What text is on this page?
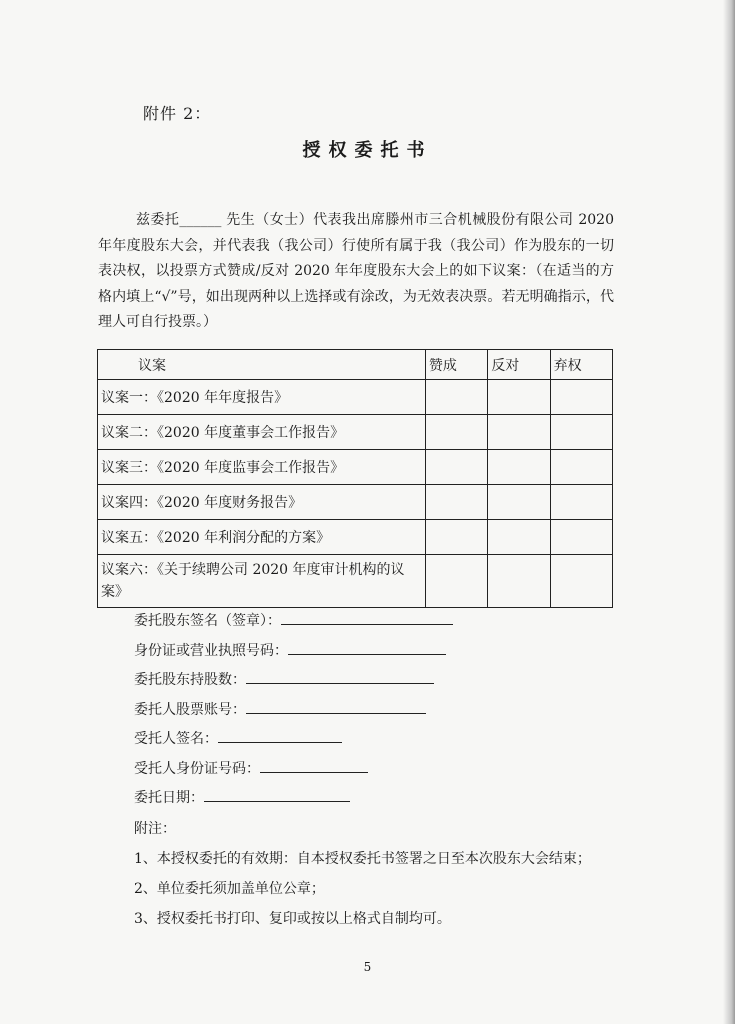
附件 2：
授权委托书
兹委托______ 先生（女士）代表我出席滕州市三合机械股份有限公司 2020 年年度股东大会，并代表我（我公司）行使所有属于我（我公司）作为股东的一切表决权，以投票方式赞成/反对 2020 年年度股东大会上的如下议案：（在适当的方格内填上“√”号，如出现两种以上选择或有涂改，为无效表决票。若无明确指示，代理人可自行投票。）
议案	赞成	反对	弃权
议案一：《2020 年年度报告》			
议案二：《2020 年度董事会工作报告》			
议案三：《2020 年度监事会工作报告》			
议案四：《2020 年度财务报告》			
议案五：《2020 年利润分配的方案》			
议案六：《关于续聘公司 2020 年度审计机构的议案》			
委托股东签名（签章）：
身份证或营业执照号码：
委托股东持股数：
委托人股票账号：
受托人签名：
受托人身份证号码：
委托日期：
附注：
1、本授权委托的有效期：自本授权委托书签署之日至本次股东大会结束；
2、单位委托须加盖单位公章；
3、授权委托书打印、复印或按以上格式自制均可。
5
